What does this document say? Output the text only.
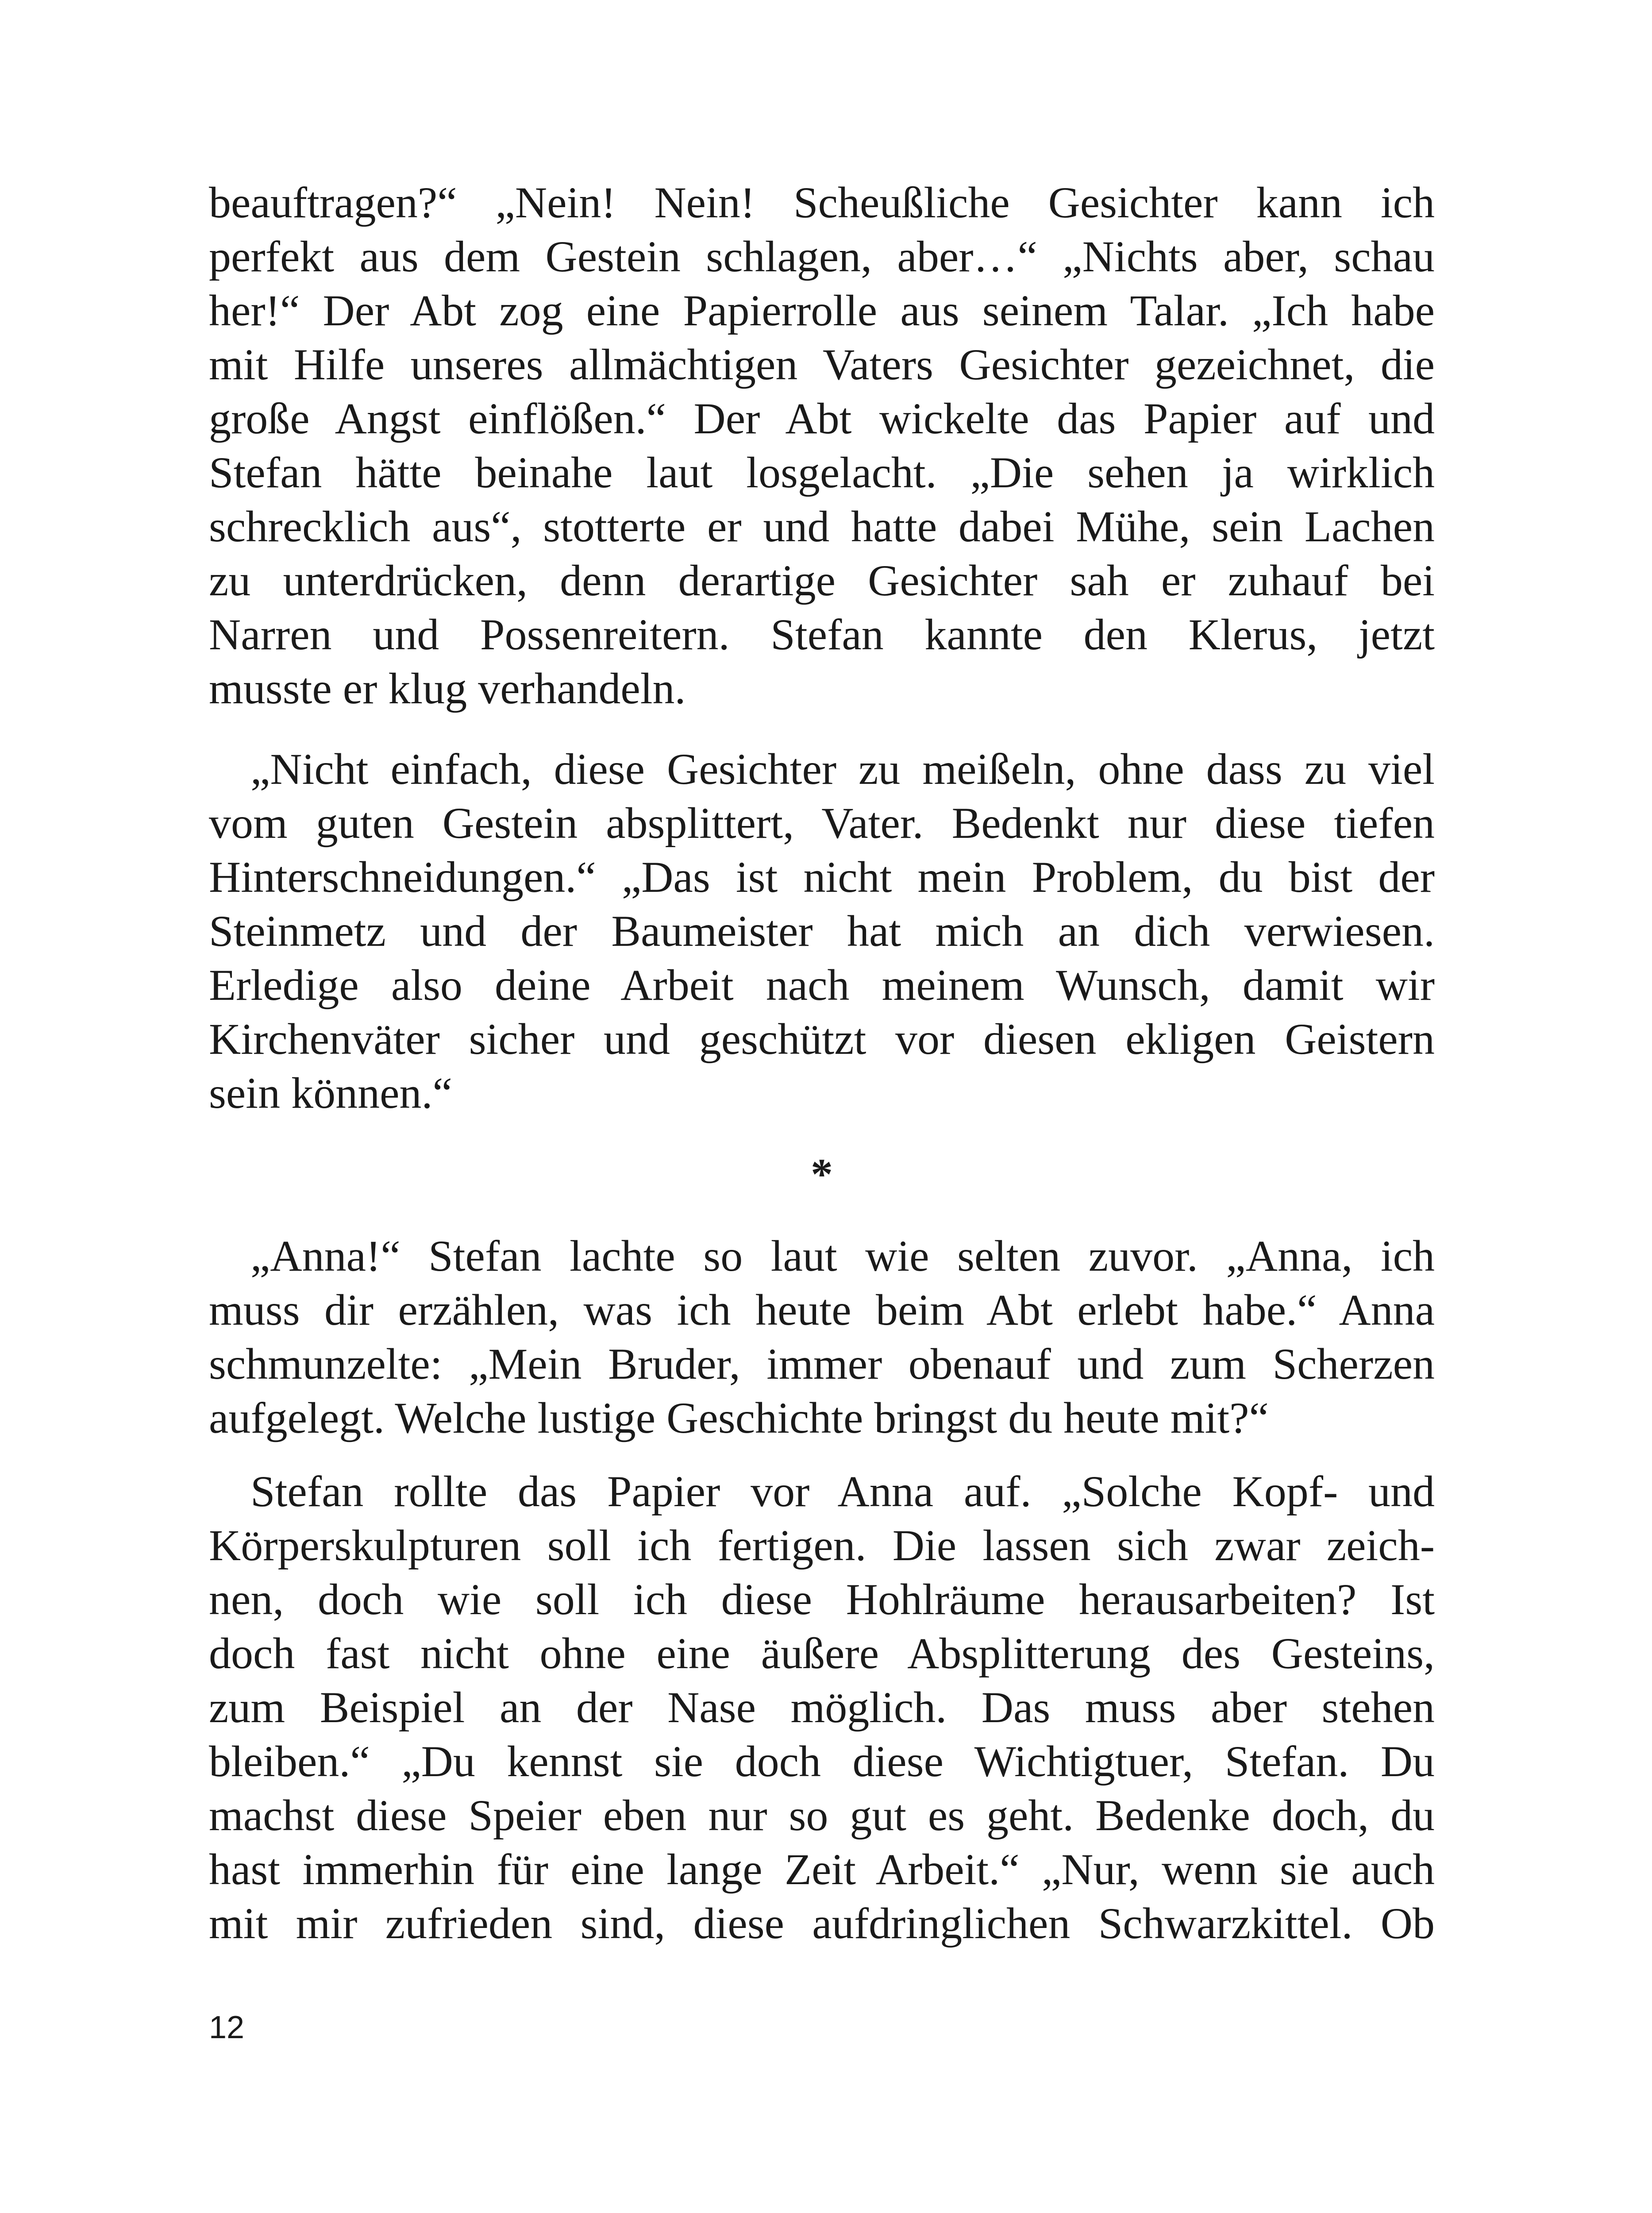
beauftragen?“ „Nein! Nein! Scheußliche Gesichter kann ich
perfekt aus dem Gestein schlagen, aber…“ „Nichts aber, schau
her!“ Der Abt zog eine Papierrolle aus seinem Talar. „Ich habe
mit Hilfe unseres allmächtigen Vaters Gesichter gezeichnet, die
große Angst einflößen.“ Der Abt wickelte das Papier auf und
Stefan hätte beinahe laut losgelacht. „Die sehen ja wirklich
schrecklich aus“, stotterte er und hatte dabei Mühe, sein Lachen
zu unterdrücken, denn derartige Gesichter sah er zuhauf bei
Narren und Possenreitern. Stefan kannte den Klerus, jetzt
musste er klug verhandeln.

„Nicht einfach, diese Gesichter zu meißeln, ohne dass zu viel
vom guten Gestein absplittert, Vater. Bedenkt nur diese tiefen
Hinterschneidungen.“ „Das ist nicht mein Problem, du bist der
Steinmetz und der Baumeister hat mich an dich verwiesen.
Erledige also deine Arbeit nach meinem Wunsch, damit wir
Kirchenväter sicher und geschützt vor diesen ekligen Geistern
sein können.“

*

„Anna!“ Stefan lachte so laut wie selten zuvor. „Anna, ich
muss dir erzählen, was ich heute beim Abt erlebt habe.“ Anna
schmunzelte: „Mein Bruder, immer obenauf und zum Scherzen
aufgelegt. Welche lustige Geschichte bringst du heute mit?“

Stefan rollte das Papier vor Anna auf. „Solche Kopf- und
Körperskulpturen soll ich fertigen. Die lassen sich zwar zeich-
nen, doch wie soll ich diese Hohlräume herausarbeiten? Ist
doch fast nicht ohne eine äußere Absplitterung des Gesteins,
zum Beispiel an der Nase möglich. Das muss aber stehen
bleiben.“ „Du kennst sie doch diese Wichtigtuer, Stefan. Du
machst diese Speier eben nur so gut es geht. Bedenke doch, du
hast immerhin für eine lange Zeit Arbeit.“ „Nur, wenn sie auch
mit mir zufrieden sind, diese aufdringlichen Schwarzkittel. Ob

12
